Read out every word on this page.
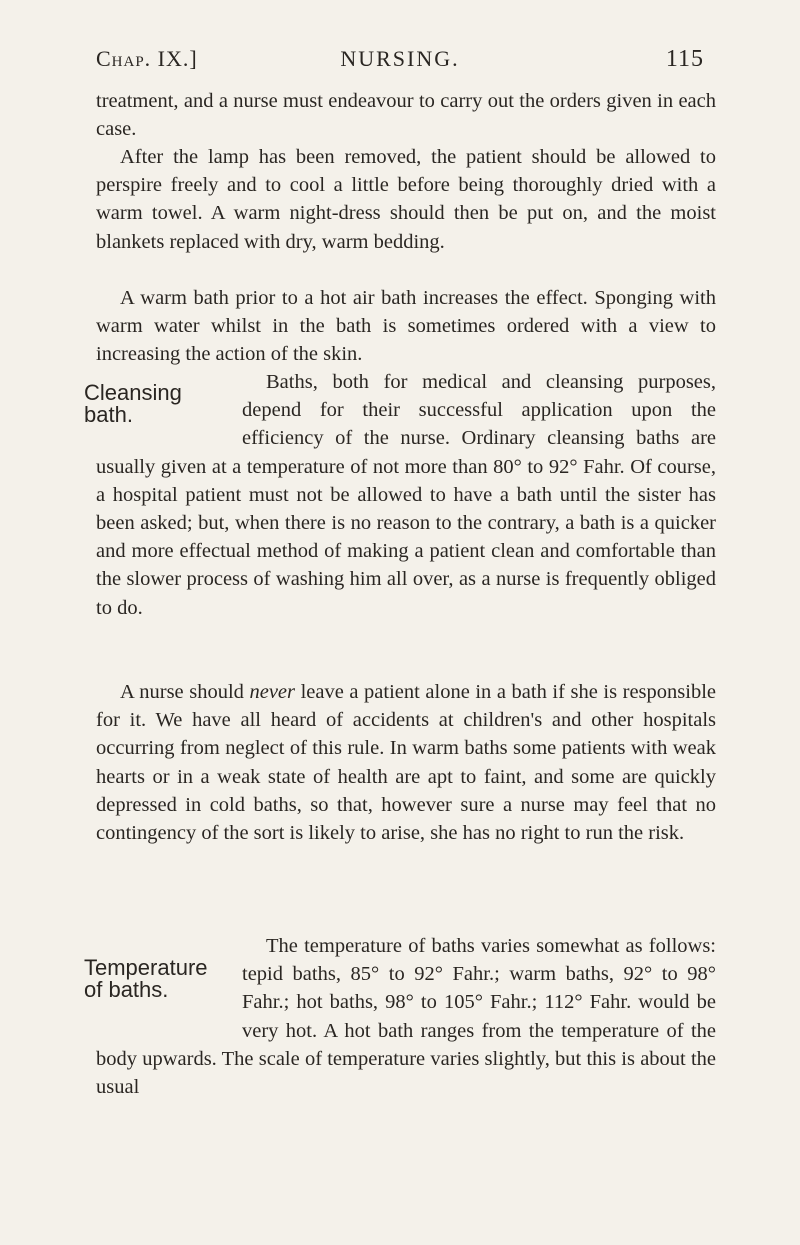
Chap. IX.]	NURSING.	115

treatment, and a nurse must endeavour to carry out the orders given in each case.

After the lamp has been removed, the patient should be allowed to perspire freely and to cool a little before being thoroughly dried with a warm towel. A warm night-dress should then be put on, and the moist blankets replaced with dry, warm bedding.

A warm bath prior to a hot air bath increases the effect. Sponging with warm water whilst in the bath is sometimes ordered with a view to increasing the action of the skin.

Cleansing bath.
Baths, both for medical and cleansing purposes, depend for their successful application upon the efficiency of the nurse. Ordinary cleansing baths are usually given at a temperature of not more than 80° to 92° Fahr. Of course, a hospital patient must not be allowed to have a bath until the sister has been asked; but, when there is no reason to the contrary, a bath is a quicker and more effectual method of making a patient clean and comfortable than the slower process of washing him all over, as a nurse is frequently obliged to do.

A nurse should never leave a patient alone in a bath if she is responsible for it. We have all heard of accidents at children's and other hospitals occurring from neglect of this rule. In warm baths some patients with weak hearts or in a weak state of health are apt to faint, and some are quickly depressed in cold baths, so that, however sure a nurse may feel that no contingency of the sort is likely to arise, she has no right to run the risk.

Temperature of baths.
The temperature of baths varies somewhat as follows: tepid baths, 85° to 92° Fahr.; warm baths, 92° to 98° Fahr.; hot baths, 98° to 105° Fahr.; 112° Fahr. would be very hot. A hot bath ranges from the temperature of the body upwards. The scale of temperature varies slightly, but this is about the usual
